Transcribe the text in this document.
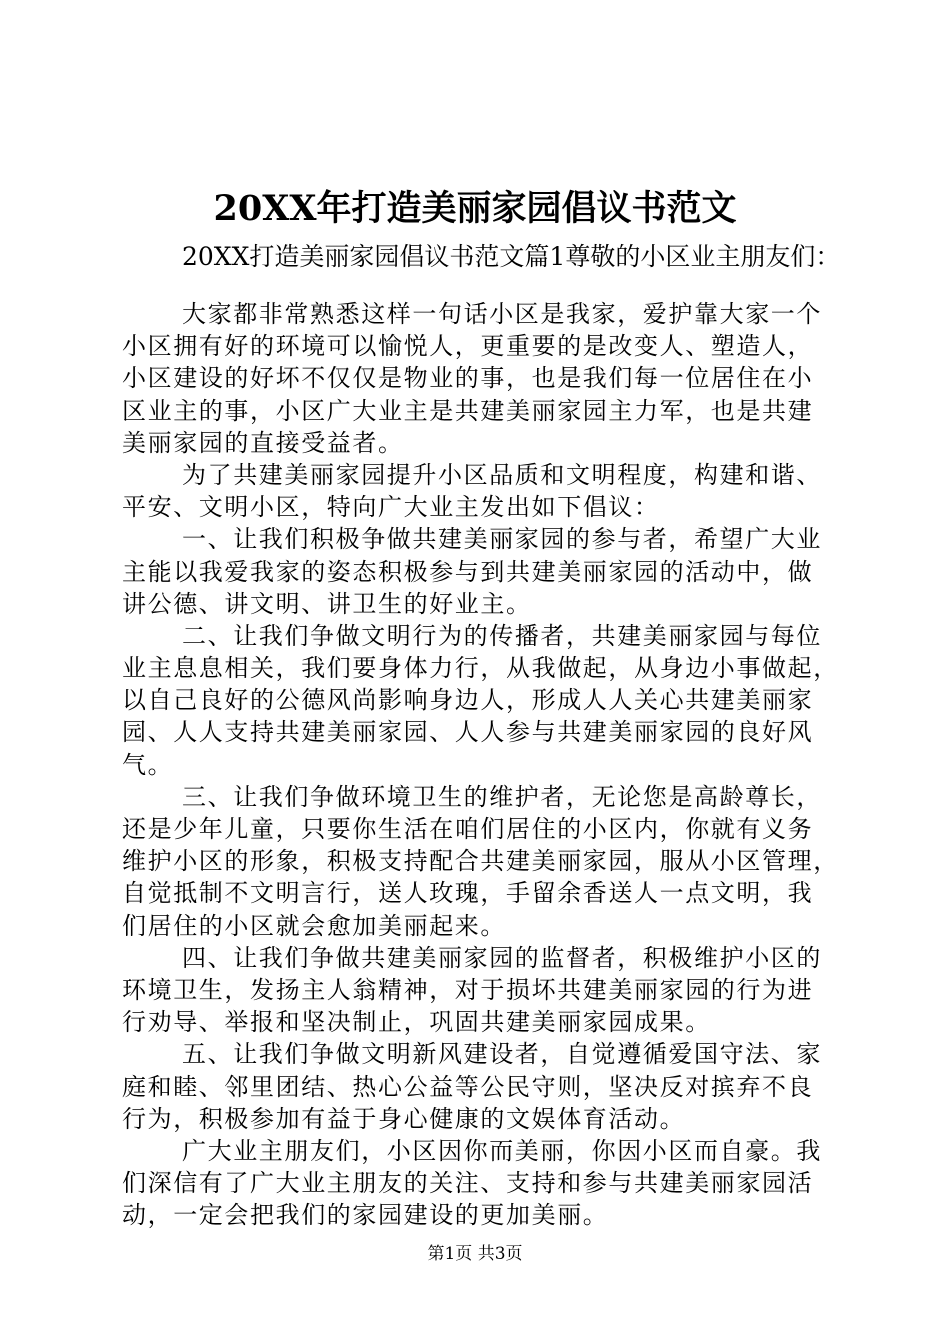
20XX年打造美丽家园倡议书范文
20XX打造美丽家园倡议书范文篇1尊敬的小区业主朋友们：
大家都非常熟悉这样一句话小区是我家，爱护靠大家一个
小区拥有好的环境可以愉悦人，更重要的是改变人、塑造人，
小区建设的好坏不仅仅是物业的事，也是我们每一位居住在小
区业主的事，小区广大业主是共建美丽家园主力军，也是共建
美丽家园的直接受益者。
为了共建美丽家园提升小区品质和文明程度，构建和谐、
平安、文明小区，特向广大业主发出如下倡议：
一、让我们积极争做共建美丽家园的参与者，希望广大业
主能以我爱我家的姿态积极参与到共建美丽家园的活动中，做
讲公德、讲文明、讲卫生的好业主。
二、让我们争做文明行为的传播者，共建美丽家园与每位
业主息息相关，我们要身体力行，从我做起，从身边小事做起，
以自己良好的公德风尚影响身边人，形成人人关心共建美丽家
园、人人支持共建美丽家园、人人参与共建美丽家园的良好风
气。
三、让我们争做环境卫生的维护者，无论您是高龄尊长，
还是少年儿童，只要你生活在咱们居住的小区内，你就有义务
维护小区的形象，积极支持配合共建美丽家园，服从小区管理，
自觉抵制不文明言行，送人玫瑰，手留余香送人一点文明，我
们居住的小区就会愈加美丽起来。
四、让我们争做共建美丽家园的监督者，积极维护小区的
环境卫生，发扬主人翁精神，对于损坏共建美丽家园的行为进
行劝导、举报和坚决制止，巩固共建美丽家园成果。
五、让我们争做文明新风建设者，自觉遵循爱国守法、家
庭和睦、邻里团结、热心公益等公民守则，坚决反对摈弃不良
行为，积极参加有益于身心健康的文娱体育活动。
广大业主朋友们，小区因你而美丽，你因小区而自豪。我
们深信有了广大业主朋友的关注、支持和参与共建美丽家园活
动，一定会把我们的家园建设的更加美丽。
第1页 共3页
